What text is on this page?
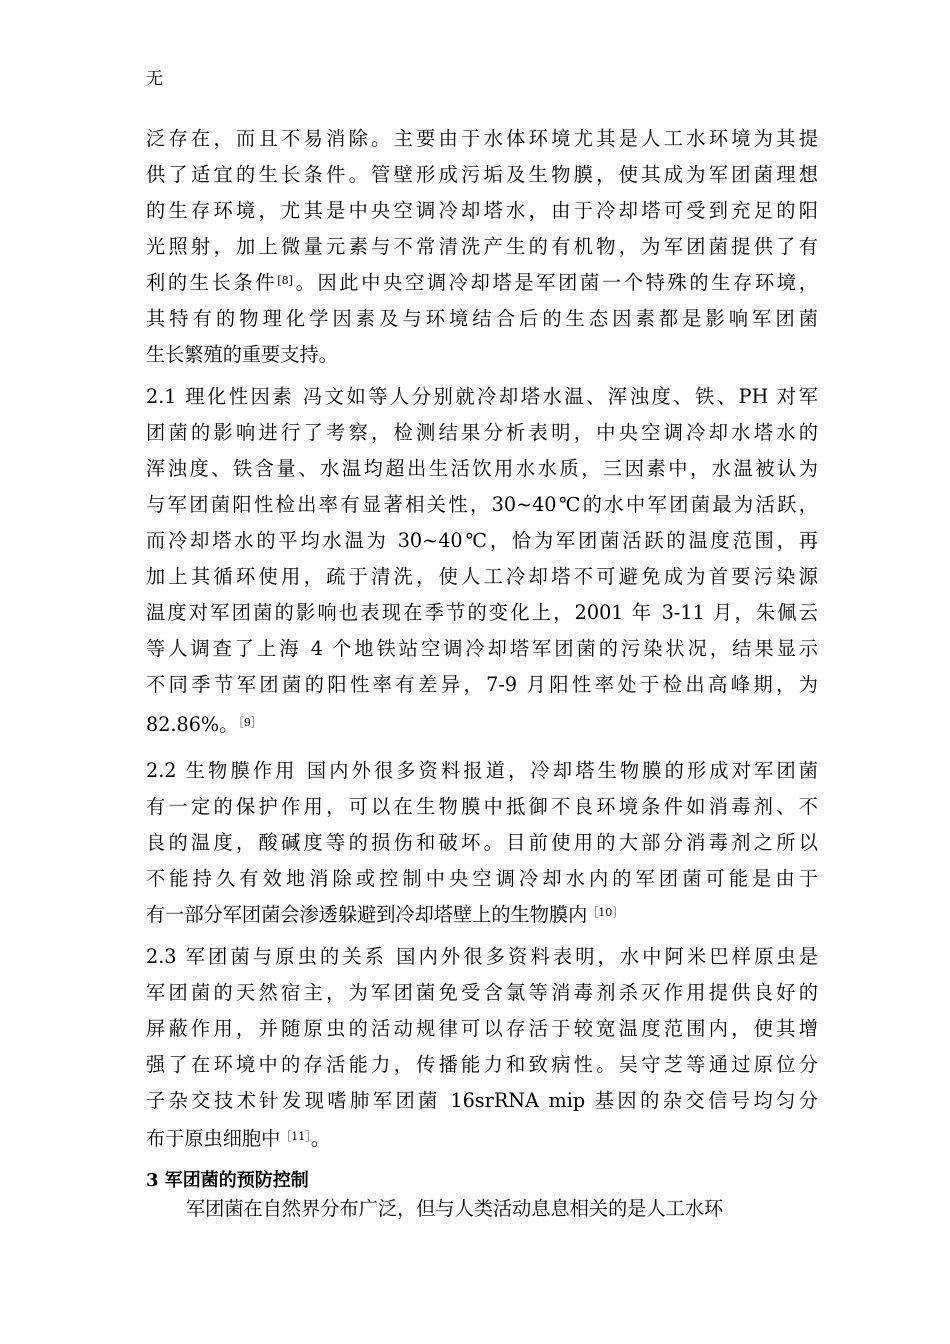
无
泛存在，而且不易消除。主要由于水体环境尤其是人工水环境为其提
供了适宜的生长条件。管壁形成污垢及生物膜，使其成为军团菌理想
的生存环境，尤其是中央空调冷却塔水，由于冷却塔可受到充足的阳
光照射，加上微量元素与不常清洗产生的有机物，为军团菌提供了有
利的生长条件[8]。因此中央空调冷却塔是军团菌一个特殊的生存环境，
其特有的物理化学因素及与环境结合后的生态因素都是影响军团菌
生长繁殖的重要支持。
2.1 理化性因素 冯文如等人分别就冷却塔水温、浑浊度、铁、PH 对军
团菌的影响进行了考察，检测结果分析表明，中央空调冷却水塔水的
浑浊度、铁含量、水温均超出生活饮用水水质，三因素中，水温被认为
与军团菌阳性检出率有显著相关性，30~40℃的水中军团菌最为活跃，
而冷却塔水的平均水温为 30~40℃，恰为军团菌活跃的温度范围，再
加上其循环使用，疏于清洗，使人工冷却塔不可避免成为首要污染源
温度对军团菌的影响也表现在季节的变化上，2001 年 3-11 月，朱佩云
等人调查了上海 4 个地铁站空调冷却塔军团菌的污染状况，结果显示
不同季节军团菌的阳性率有差异，7-9 月阳性率处于检出高峰期，为
82.86%。$^{[9]}$
2.2 生物膜作用 国内外很多资料报道，冷却塔生物膜的形成对军团菌
有一定的保护作用，可以在生物膜中抵御不良环境条件如消毒剂、不
良的温度，酸碱度等的损伤和破坏。目前使用的大部分消毒剂之所以
不能持久有效地消除或控制中央空调冷却水内的军团菌可能是由于
有一部分军团菌会渗透躲避到冷却塔壁上的生物膜内$^{[10]}$
2.3 军团菌与原虫的关系 国内外很多资料表明，水中阿米巴样原虫是
军团菌的天然宿主，为军团菌免受含氯等消毒剂杀灭作用提供良好的
屏蔽作用，并随原虫的活动规律可以存活于较宽温度范围内，使其增
强了在环境中的存活能力，传播能力和致病性。吴守芝等通过原位分
子杂交技术针发现嗜肺军团菌 16srRNA mip 基因的杂交信号均匀分
布于原虫细胞中$^{[11]}$。
3 军团菌的预防控制
军团菌在自然界分布广泛，但与人类活动息息相关的是人工水环
